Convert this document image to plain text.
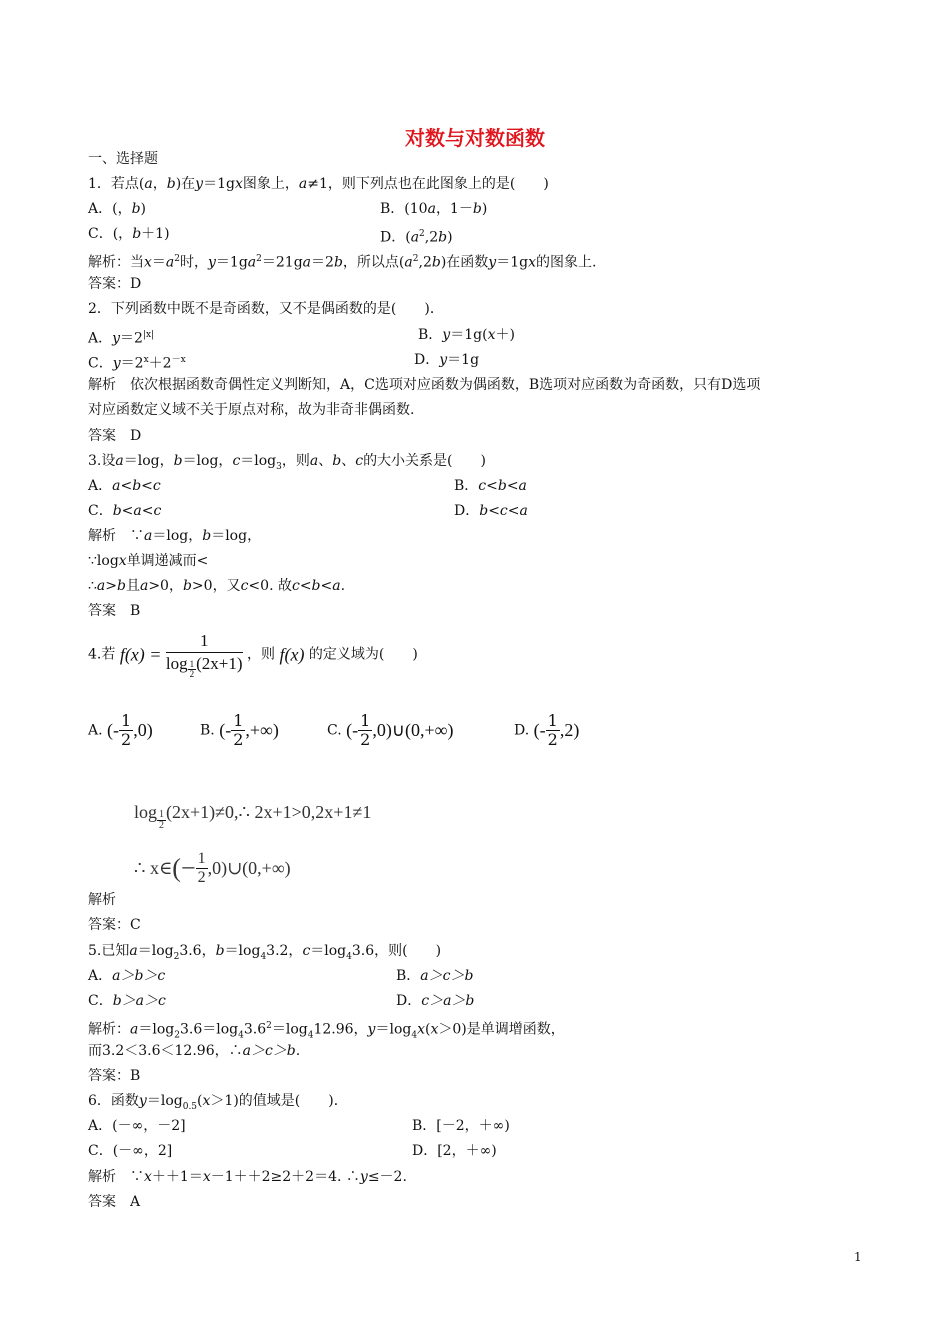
对数与对数函数
一、选择题
1．若点(a，b)在y＝1gx图象上，a≠1，则下列点也在此图象上的是(　　)
A．(，b)	B．(10a，1－b)
C．(，b＋1)	D．$(a^2,2b)$
解析：当$x=a^2$时，$y=1ga^2=21ga=2b$，所以点$(a^2,2b)$在函数y＝1gx的图象上.
答案：D
2．下列函数中既不是奇函数，又不是偶函数的是(　　)．
A．$y=2^{|x|}$	B．y＝1g(x＋)
C．$y=2^x+2^{-x}$	D．y＝1g
解析　依次根据函数奇偶性定义判断知，A，C选项对应函数为偶函数，B选项对应函数为奇函数，只有D选项
对应函数定义域不关于原点对称，故为非奇非偶函数.
答案　D
3.设a＝log，b＝log，$c=\log_3$，则a、b、c的大小关系是(　　)
A．a<b<c	B．c<b<a
C．b<a<c	D．b<c<a
解析　∵a＝log，b＝log，
∵logx单调递减而<
∴a>b且a>0，b>0，又c<0. 故c<b<a.
答案　B
4.若 $f(x) = \frac{1}{\log \frac{1}{2} (2x+1)}$ ，则 f(x) 的定义域为(　　)
A. (- $\frac{1}{2} ,0$)	B. (- $\frac{1}{2}$ ,+∞)	C. (- $\frac{1}{2}$ ,0)∪(0,+∞)	D. (- $\frac{1}{2} ,2$)
$\log \frac{1}{2}$ (2x+1)≠0,∴ 2x+1>0,2x+1≠1
∴ x∈(− $\frac{1}{2}$ ,0)∪(0,+∞)
解析
答案：C
5.已知$a=\log_23.6$，$b=\log_43.2$，$c=\log_43.6$，则(　　)
A．a＞b＞c	B．a＞c＞b
C．b＞a＞c	D．c＞a＞b
解析：$a=\log_23.6=\log_43.6^2=\log_412.96$，$y=\log_4x(x>0)$是单调增函数，
而3.2＜3.6＜12.96，∴a＞c＞b.
答案：B
6．函数$y=\log_{0.5}(x>1)$的值域是(　　)．
A．(－∞，－2]	B．[－2，＋∞)
C．(－∞，2]	D．[2，＋∞)
解析　∵x＋＋1＝x－1＋＋2≥2＋2＝4. ∴y≤－2.
答案　A
1
